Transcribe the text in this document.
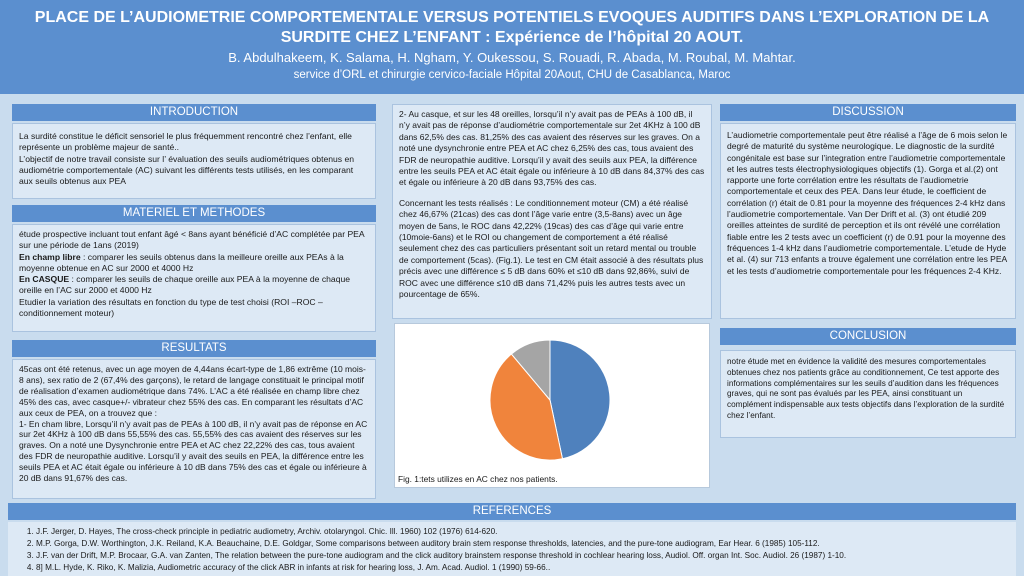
PLACE DE L’AUDIOMETRIE COMPORTEMENTALE VERSUS POTENTIELS EVOQUES AUDITIFS DANS L’EXPLORATION DE LA SURDITE CHEZ L’ENFANT : Expérience de l’hôpital 20 AOUT.
B. Abdulhakeem, K. Salama, H. Ngham, Y. Oukessou, S. Rouadi, R. Abada, M. Roubal, M. Mahtar.
service d’ORL et chirurgie cervico-faciale Hôpital 20Aout, CHU de Casablanca, Maroc
INTRODUCTION

La surdité constitue le déficit sensoriel le plus fréquemment rencontré chez l’enfant, elle représente un problème majeur de santé..

L’objectif de notre travail consiste sur l’ évaluation des seuils audiométriques obtenus en audiométrie comportementale (AC) suivant les différents tests utilisés, en les comparant aux seuils obtenus aux PEA

MATERIEL ET METHODES

étude prospective incluant tout enfant âgé < 8ans ayant bénéficié d’AC complétée par PEA sur une période de 1ans (2019)

En champ libre : comparer les seuils obtenus dans la meilleure oreille aux PEAs à la moyenne obtenue en AC sur 2000 et 4000 Hz

En CASQUE : comparer les seuils de chaque oreille aux PEA à la moyenne de chaque oreille en l’AC sur 2000 et 4000 Hz

Etudier la variation des résultats en fonction du type de test choisi (ROI –ROC – conditionnement moteur)

RESULTATS

45cas ont été retenus, avec un age moyen de 4,44ans écart-type de 1,86 extrême (10 mois-8 ans), sex ratio de 2 (67,4% des garçons), le retard de langage constituait le principal motif de réalisation d’examen audiométrique dans 74%. L’AC a été réalisée en champ libre chez 45% des cas, avec casque+/- vibrateur chez 55% des cas. En comparant les résultats d’AC aux ceux de PEA, on a trouvez que :

1- En cham libre, Lorsqu’il n’y avait pas de PEAs à 100 dB, il n’y avait pas de réponse en AC sur 2et 4KHz à 100 dB dans 55,55% des cas. 55,55% des cas avaient des réserves sur les graves. On a noté une Dysynchronie entre PEA et AC chez 22,22% des cas, tous avaient des FDR de neuropathie auditive. Lorsqu’il y avait des seuils en PEA, la différence entre les seuils PEA et AC était égale ou inférieure à 10 dB dans 75% des cas et égale ou inférieure à 20 dB dans 91,67% des cas.

2- Au casque, et sur les 48 oreilles, lorsqu’il n’y avait pas de PEAs à 100 dB, il n’y avait pas de réponse d’audiométrie comportementale sur 2et 4KHz à 100 dB dans 62,5% des cas. 81,25% des cas avaient des réserves sur les graves. On a noté une dysynchronie entre PEA et AC chez 6,25% des cas, tous avaient des FDR de neuropathie auditive. Lorsqu’il y avait des seuils aux PEA, la différence entre les seuils PEA et AC était égale ou inférieure à 10 dB dans 84,37% des cas et égale ou inférieure à 20 dB dans 93,75% des cas.

Concernant les tests réalisés : Le conditionnement moteur (CM) a été réalisé chez 46,67% (21cas) des cas dont l’âge varie entre (3,5-8ans) avec un âge moyen de 5ans, le ROC dans 42,22% (19cas) des cas d’âge qui varie entre (10moie-6ans) et le ROI ou changement de comportement a été réalisé seulement chez des cas particuliers présentant soit un retard mental ou trouble de comportement (5cas). (Fig.1). Le test en CM était associé à des résultats plus précis avec une différence ≤ 5 dB dans 60% et ≤10 dB dans 92,86%, suivi de ROC avec une différence ≤10 dB dans 71,42% puis les autres tests avec un pourcentage de 65%.

Fig. 1:tets utilizes en AC chez nos patients.
DISCUSSION

L’audiometrie comportementale peut être réalisé a l’âge de 6 mois selon le degré de maturité du système neurologique. Le diagnostic de la surdité congénitale est base sur l’integration entre l’audiometrie comportementale et les autres tests électrophysiologiques objectifs (1). Gorga et al.(2) ont rapporte une forte corrélation entre les résultats de l’audiometrie comportementale et ceux des PEA. Dans leur étude, le coefficient de corrélation (r) était de 0.81 pour la moyenne des fréquences 2-4 kHz dans l’audiometrie comportementale. Van Der Drift et al. (3) ont étudié 209 oreilles atteintes de surdité de perception et ils ont révélé une corrélation fiable entre les 2 tests avec un coefficient (r) de 0.91 pour la moyenne des fréquences 1-4 kHz dans l’audiometrie comportementale. L’etude de Hyde et al. (4) sur 713 enfants a trouve également une corrélation entre les PEA et les tests d’audiometrie comportementale pour les fréquences 2-4 KHz.

CONCLUSION

notre étude met en évidence la validité des mesures comportementales obtenues chez nos patients grâce au conditionnement, Ce test apporte des informations complémentaires sur les seuils d’audition dans les fréquences graves, qui ne sont pas évalués par les PEA, ainsi constituant un complément indispensable aux tests objectifs dans l’exploration de la surdité chez l’enfant.

REFERENCES
1. J.F. Jerger, D. Hayes, The cross-check principle in pediatric audiometry, Archiv. otolaryngol. Chic. Ill. 1960) 102 (1976) 614-620.
2. M.P. Gorga, D.W. Worthington, J.K. Reiland, K.A. Beauchaine, D.E. Goldgar, Some comparisons between auditory brain stem response thresholds, latencies, and the pure-tone audiogram, Ear Hear. 6 (1985) 105-112.
3. J.F. van der Drift, M.P. Brocaar, G.A. van Zanten, The relation between the pure-tone audiogram and the click auditory brainstem response threshold in cochlear hearing loss, Audiol. Off. organ Int. Soc. Audiol. 26 (1987) 1-10.
4. 8] M.L. Hyde, K. Riko, K. Malizia, Audiometric accuracy of the click ABR in infants at risk for hearing loss, J. Am. Acad. Audiol. 1 (1990) 59-66..
